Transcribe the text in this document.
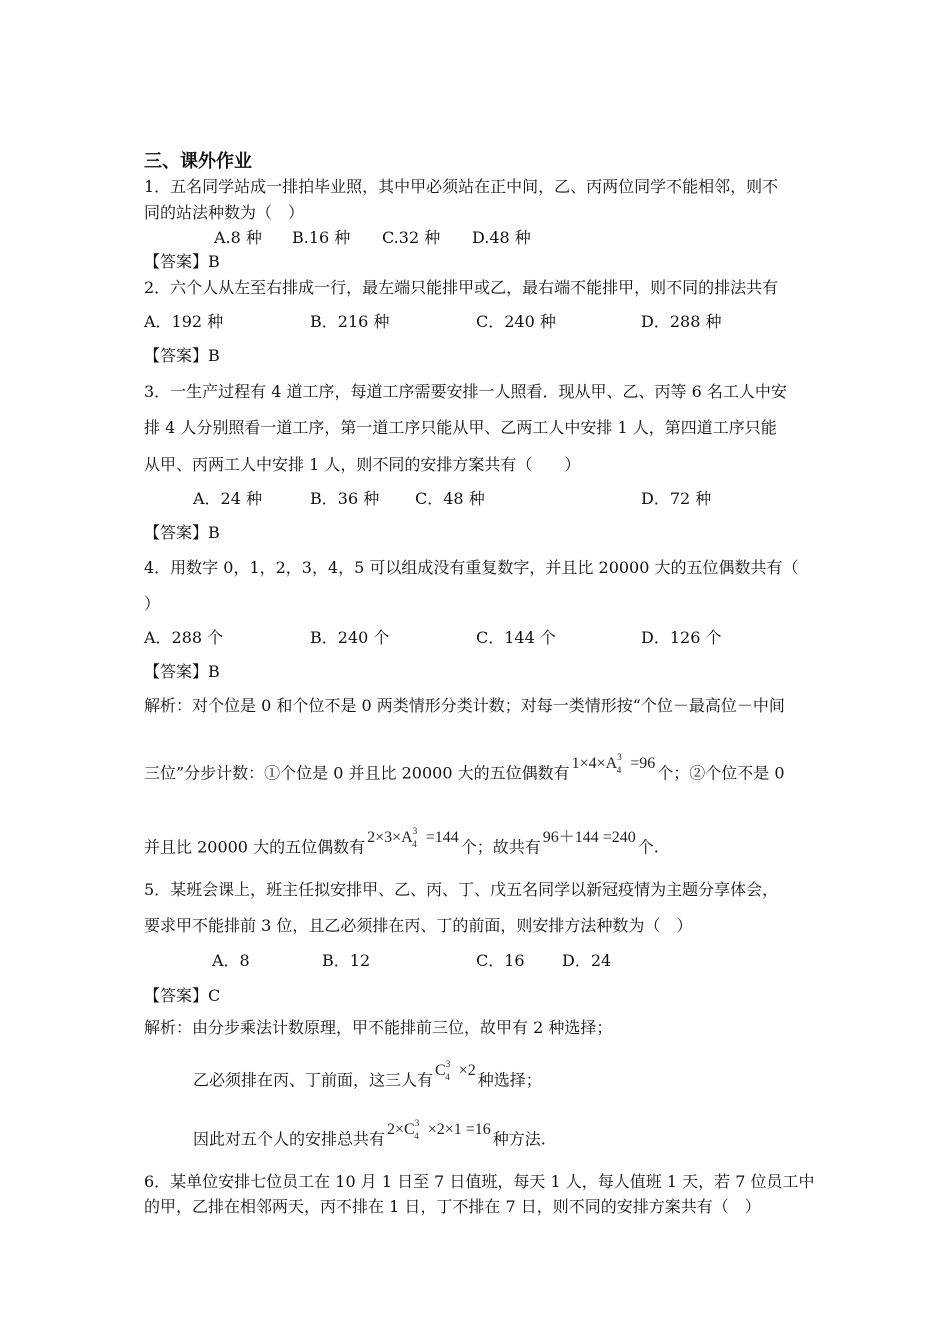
三、课外作业
1．五名同学站成一排拍毕业照，其中甲必须站在正中间，乙、丙两位同学不能相邻，则不
同的站法种数为（　）
A.8 种 B.16 种 C.32 种 D.48 种
【答案】B
2．六个人从左至右排成一行，最左端只能排甲或乙，最右端不能排甲，则不同的排法共有
A．192 种	B．216 种	C．240 种	D．288 种
【答案】B
3．一生产过程有 4 道工序，每道工序需要安排一人照看．现从甲、乙、丙等 6 名工人中安
排 4 人分别照看一道工序，第一道工序只能从甲、乙两工人中安排 1 人，第四道工序只能
从甲、丙两工人中安排 1 人，则不同的安排方案共有（　　）
A．24 种	B．36 种 C．48 种	D．72 种
【答案】B
4．用数字 0，1，2，3，4，5 可以组成没有重复数字，并且比 20000 大的五位偶数共有（
）
A．288 个	B．240 个	C．144 个	D．126 个
【答案】B
解析：对个位是 0 和个位不是 0 两类情形分类计数；对每一类情形按“个位－最高位－中间
三位”分步计数：①个位是 0 并且比 20000 大的五位偶数有 $1\times 4\times A^3_4 =96$ 个；②个位不是 0
并且比 20000 大的五位偶数有 $2\times 3\times A^3_4 =144$ 个；故共有 96＋144 =240 个.
5．某班会课上，班主任拟安排甲、乙、丙、丁、戊五名同学以新冠疫情为主题分享体会，
要求甲不能排前 3 位，且乙必须排在丙、丁的前面，则安排方法种数为（　）
A．8	B．12	C．16 D．24
【答案】C
解析：由分步乘法计数原理，甲不能排前三位，故甲有 2 种选择；
乙必须排在丙、丁前面，这三人有 $C^3_4 \times 2$ 种选择；
因此对五个人的安排总共有 $2\times C^3_4 \times 2\times 1 =16$ 种方法.
6．某单位安排七位员工在 10 月 1 日至 7 日值班，每天 1 人，每人值班 1 天，若 7 位员工中
的甲，乙排在相邻两天，丙不排在 1 日，丁不排在 7 日，则不同的安排方案共有（　）
